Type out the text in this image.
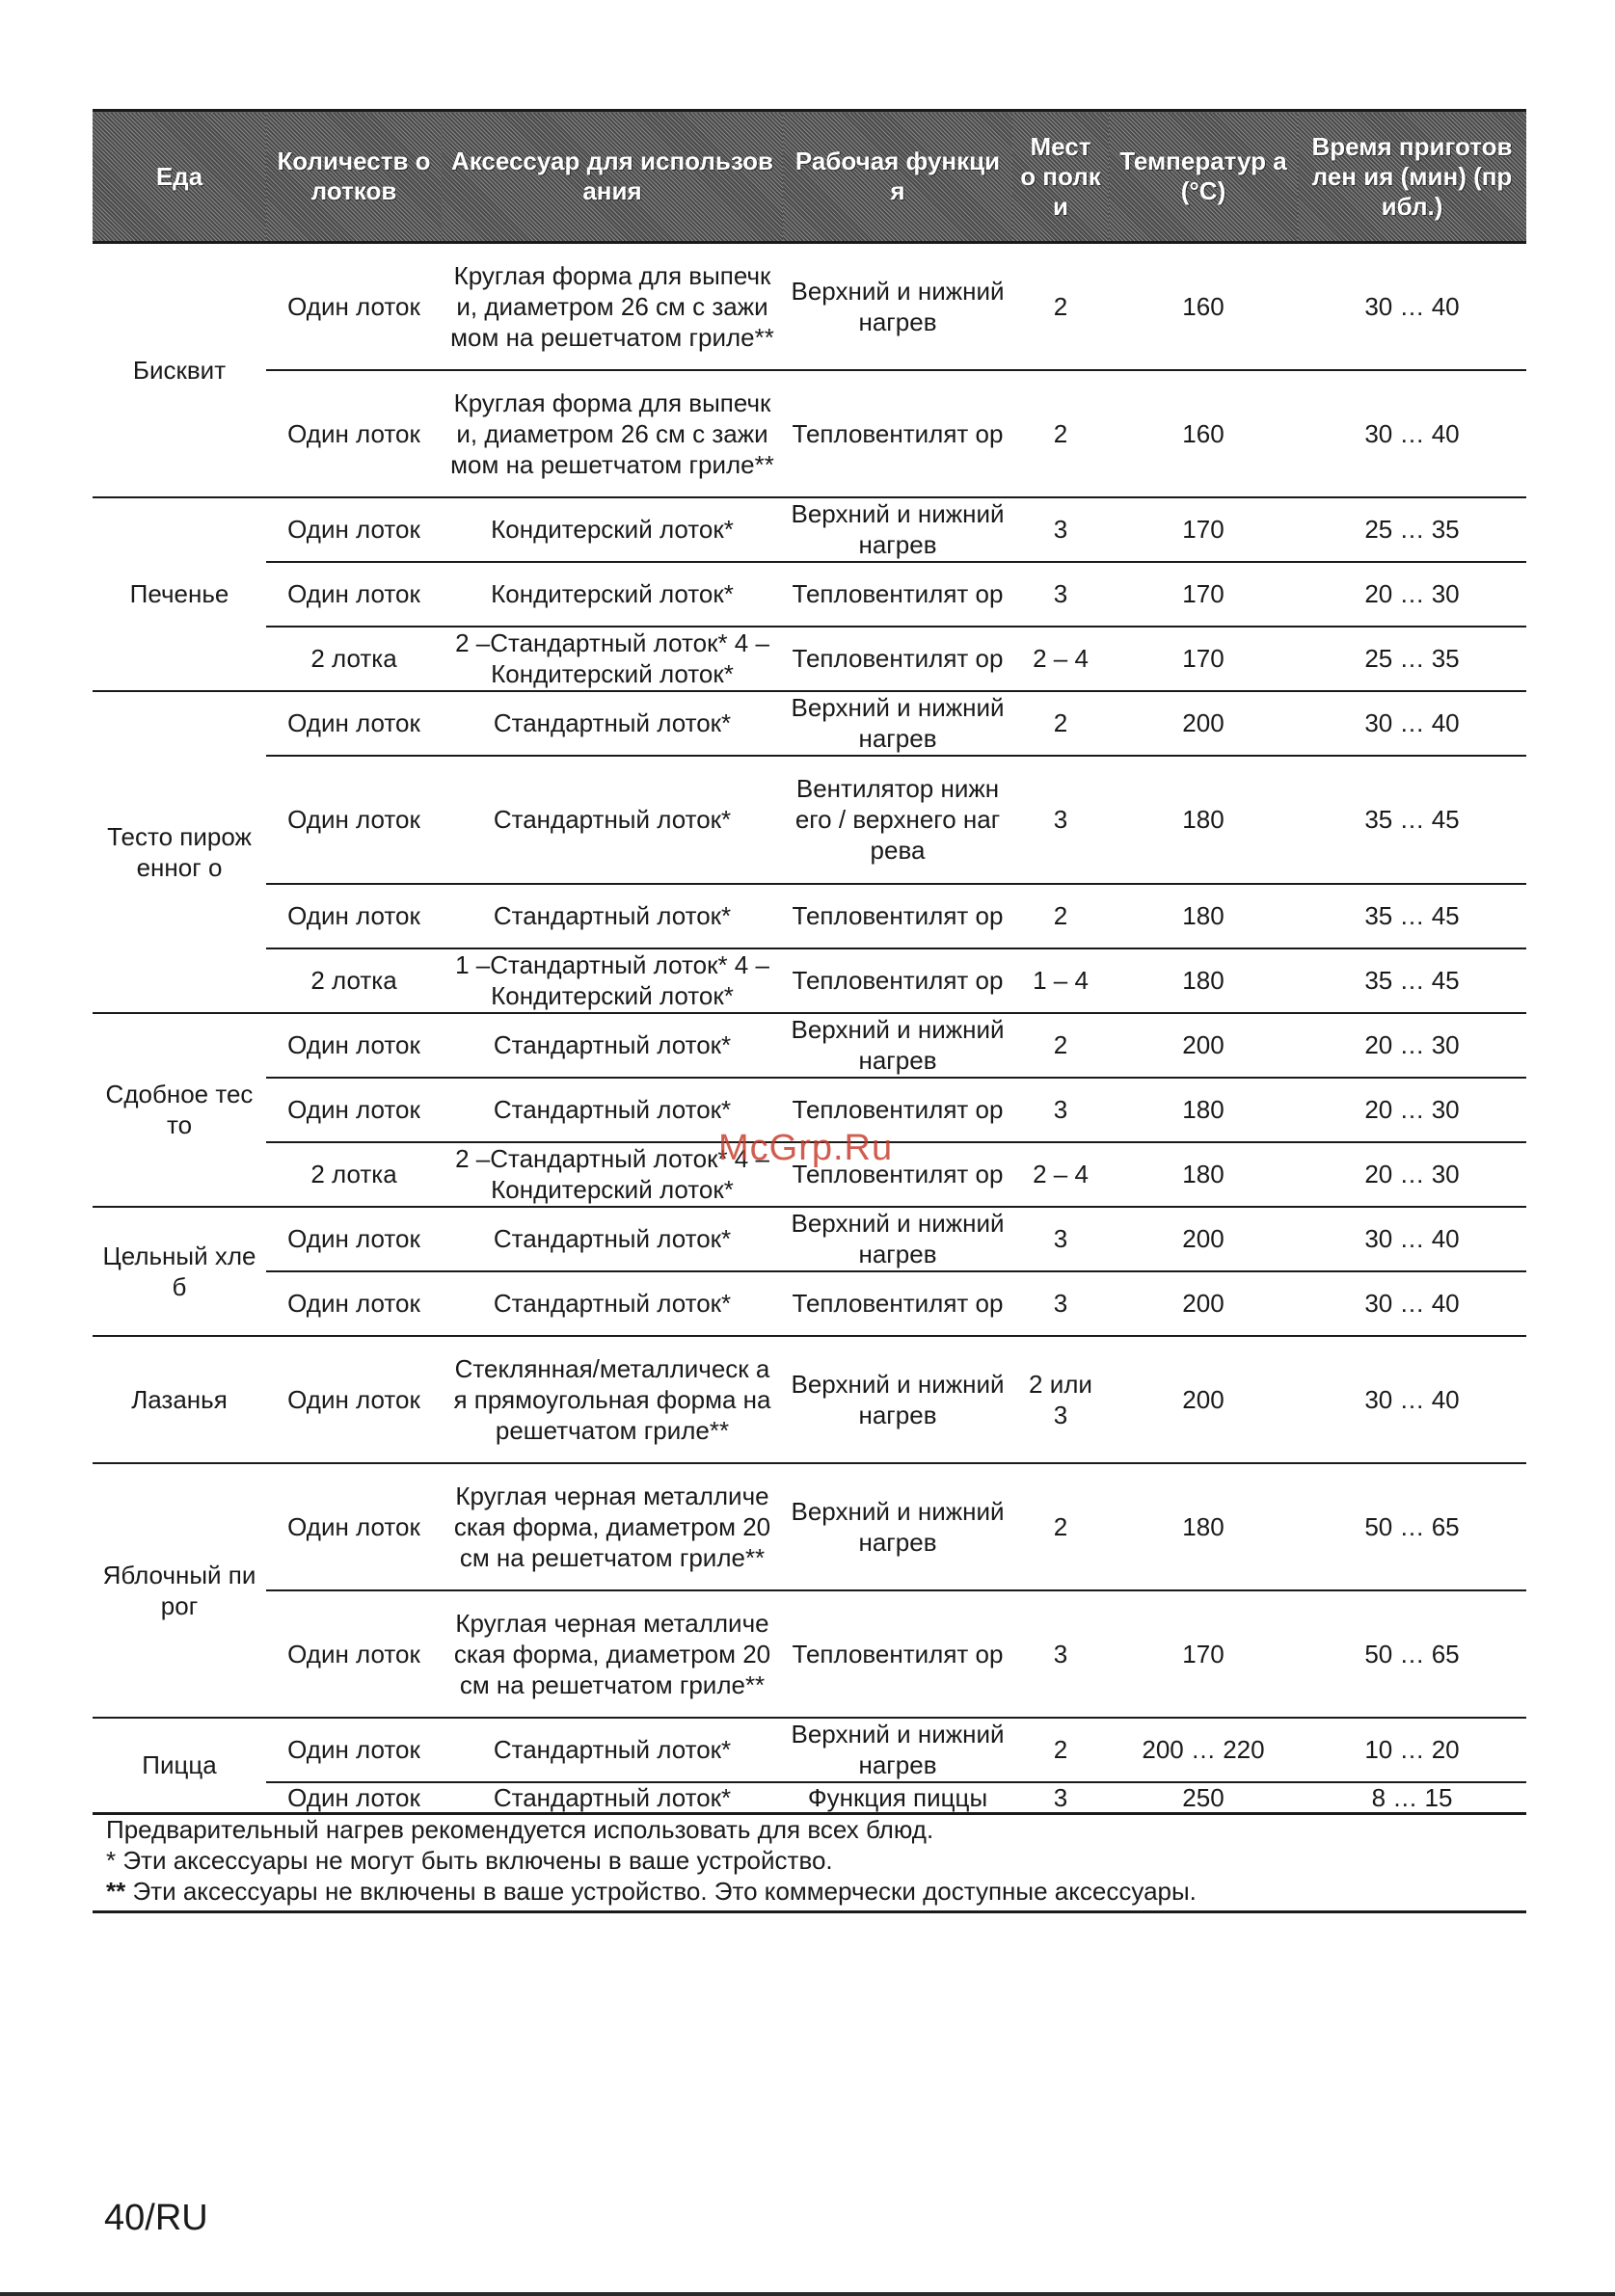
Еда	Количеств о лотков	Аксессуар для использования	Рабочая функция	Мест о полк и	Температур а (°C)	Время приготовлен ия (мин) (прибл.)
Бисквит	Один лоток	Круглая форма для выпечки, диаметром 26 см с зажимом на решетчатом гриле**	Верхний и нижний нагрев	2	160	30 … 40
	Один лоток	Круглая форма для выпечки, диаметром 26 см с зажимом на решетчатом гриле**	Тепловентилят ор	2	160	30 … 40
Печенье	Один лоток	Кондитерский лоток*	Верхний и нижний нагрев	3	170	25 … 35
	Один лоток	Кондитерский лоток*	Тепловентилят ор	3	170	20 … 30
	2 лотка	2 –Стандартный лоток* 4 –Кондитерский лоток*	Тепловентилят ор	2 – 4	170	25 … 35
Тесто пироженног о	Один лоток	Стандартный лоток*	Верхний и нижний нагрев	2	200	30 … 40
	Один лоток	Стандартный лоток*	Вентилятор нижнего / верхнего нагрева	3	180	35 … 45
	Один лоток	Стандартный лоток*	Тепловентилят ор	2	180	35 … 45
	2 лотка	1 –Стандартный лоток* 4 –Кондитерский лоток*	Тепловентилят ор	1 – 4	180	35 … 45
Сдобное тесто	Один лоток	Стандартный лоток*	Верхний и нижний нагрев	2	200	20 … 30
	Один лоток	Стандартный лоток*	Тепловентилят ор	3	180	20 … 30
	2 лотка	2 –Стандартный лоток* 4 –Кондитерский лоток*	Тепловентилят ор	2 – 4	180	20 … 30
Цельный хлеб	Один лоток	Стандартный лоток*	Верхний и нижний нагрев	3	200	30 … 40
	Один лоток	Стандартный лоток*	Тепловентилят ор	3	200	30 … 40
Лазанья	Один лоток	Стеклянная/металлическ ая прямоугольная форма на решетчатом гриле**	Верхний и нижний нагрев	2 или 3	200	30 … 40
Яблочный пирог	Один лоток	Круглая черная металлическая форма, диаметром 20 см на решетчатом гриле**	Верхний и нижний нагрев	2	180	50 … 65
	Один лоток	Круглая черная металлическая форма, диаметром 20 см на решетчатом гриле**	Тепловентилят ор	3	170	50 … 65
Пицца	Один лоток	Стандартный лоток*	Верхний и нижний нагрев	2	200 … 220	10 … 20
	Один лоток	Стандартный лоток*	Функция пиццы	3	250	8 … 15
McGrp.Ru
Предварительный нагрев рекомендуется использовать для всех блюд.
* Эти аксессуары не могут быть включены в ваше устройство.
** Эти аксессуары не включены в ваше устройство. Это коммерчески доступные аксессуары.
40/RU
